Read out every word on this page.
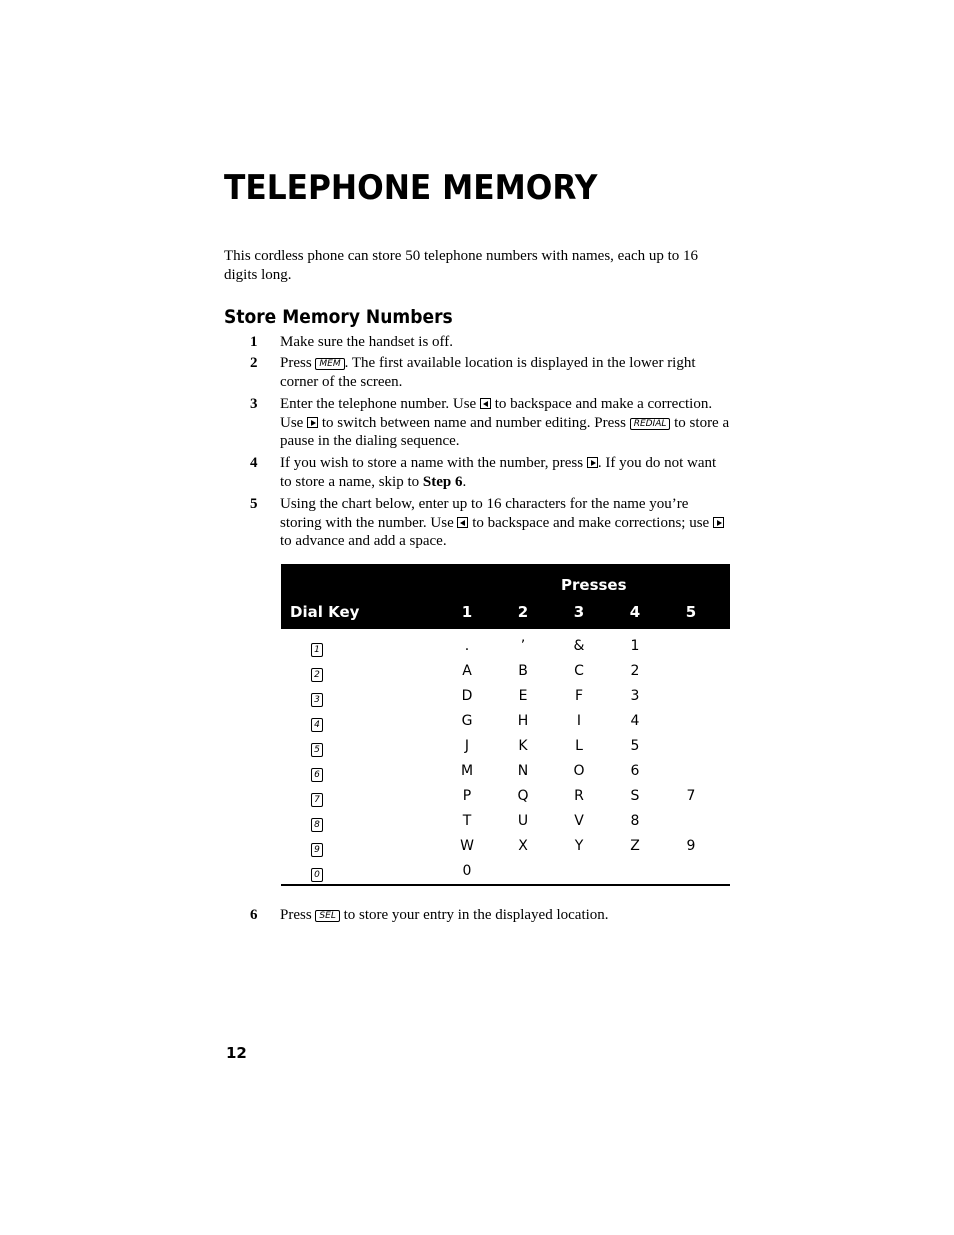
TELEPHONE MEMORY

This cordless phone can store 50 telephone numbers with names, each up to 16 digits long.

Store Memory Numbers
1	Make sure the handset is off.
2	Press MEM . The first available location is displayed in the lower right corner of the screen.
3	Enter the telephone number. Use  to backspace and make a correction. Use  to switch between name and number editing. Press REDIAL to store a pause in the dialing sequence.
4	If you wish to store a name with the number, press . If you do not want to store a name, skip to Step 6.
5	Using the chart below, enter up to 16 characters for the name you’re storing with the number. Use  to backspace and make corrections; use  to advance and add a space.
Presses
Dial Key	1	2	3	4	5
1	.	’	&	1
2	A	B	C	2
3	D	E	F	3
4	G	H	I	4
5	J	K	L	5
6	M	N	O	6
7	P	Q	R	S	7
8	T	U	V	8
9	W	X	Y	Z	9
0	0
6	Press SEL to store your entry in the displayed location.
12
